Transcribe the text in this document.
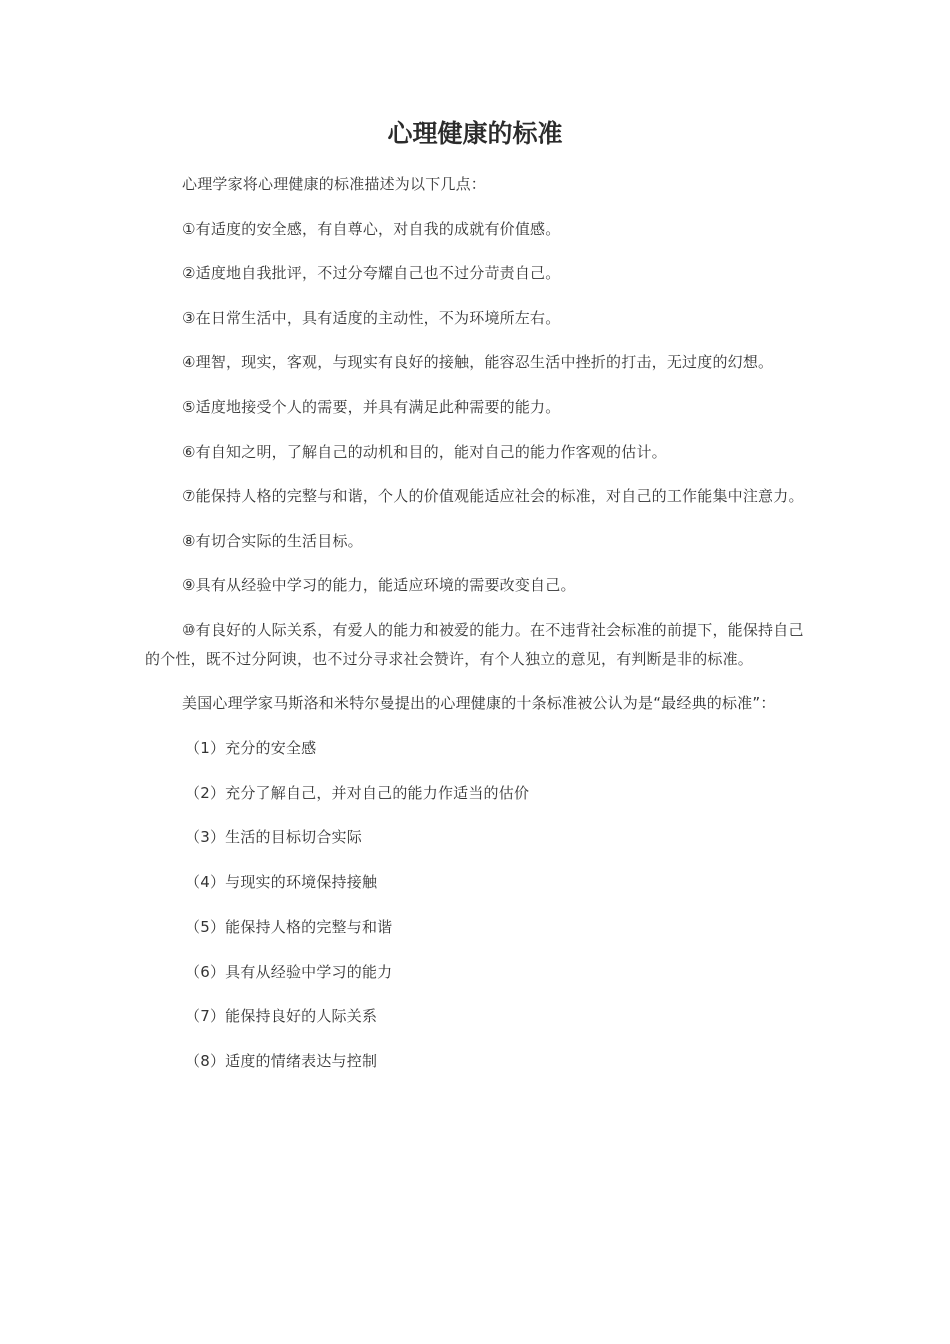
心理健康的标准

心理学家将心理健康的标准描述为以下几点：

①有适度的安全感，有自尊心，对自我的成就有价值感。

②适度地自我批评，不过分夸耀自己也不过分苛责自己。

③在日常生活中，具有适度的主动性，不为环境所左右。

④理智，现实，客观，与现实有良好的接触，能容忍生活中挫折的打击，无过度的幻想。

⑤适度地接受个人的需要，并具有满足此种需要的能力。

⑥有自知之明，了解自己的动机和目的，能对自己的能力作客观的估计。

⑦能保持人格的完整与和谐，个人的价值观能适应社会的标准，对自己的工作能集中注意力。

⑧有切合实际的生活目标。

⑨具有从经验中学习的能力，能适应环境的需要改变自己。

⑩有良好的人际关系，有爱人的能力和被爱的能力。在不违背社会标准的前提下，能保持自己的个性，既不过分阿谀，也不过分寻求社会赞许，有个人独立的意见，有判断是非的标准。

美国心理学家马斯洛和米特尔曼提出的心理健康的十条标准被公认为是“最经典的标准”：

（1）充分的安全感

（2）充分了解自己，并对自己的能力作适当的估价

（3）生活的目标切合实际

（4）与现实的环境保持接触

（5）能保持人格的完整与和谐

（6）具有从经验中学习的能力

（7）能保持良好的人际关系

（8）适度的情绪表达与控制
